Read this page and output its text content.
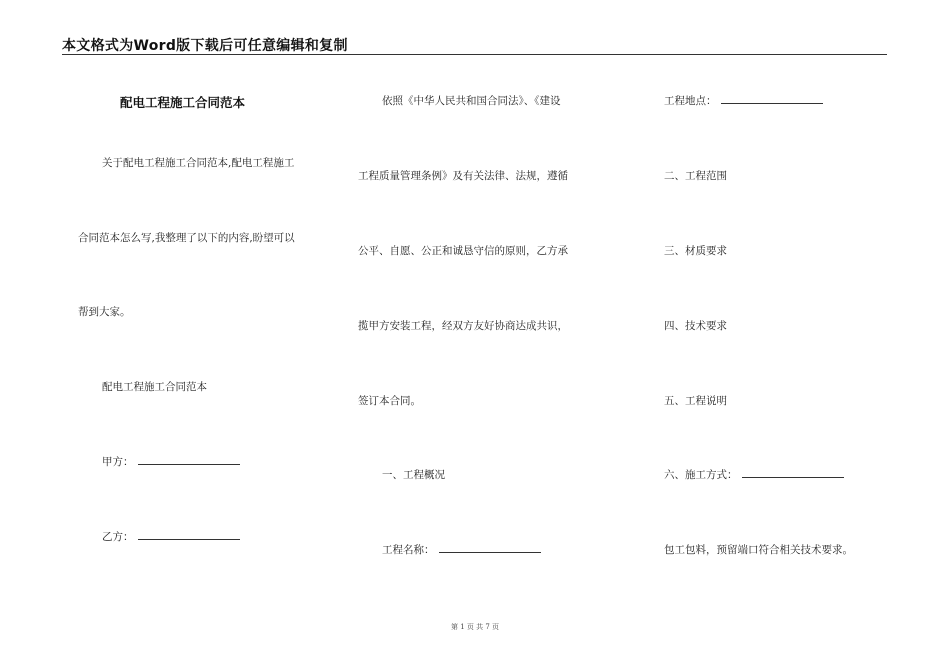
本文格式为Word版下载后可任意编辑和复制
配电工程施工合同范本
关于配电工程施工合同范本,配电工程施工
合同范本怎么写,我整理了以下的内容,盼望可以
帮到大家。
配电工程施工合同范本
甲方：
乙方：
依照《中华人民共和国合同法》、《建设
工程质量管理条例》及有关法律、法规，遵循
公平、自愿、公正和诚恳守信的原则，乙方承
揽甲方安装工程，经双方友好协商达成共识，
签订本合同。
一、工程概况
工程名称：
工程地点：
二、工程范围
三、材质要求
四、技术要求
五、工程说明
六、施工方式：
包工包料，预留端口符合相关技术要求。
第 1 页 共 7 页
